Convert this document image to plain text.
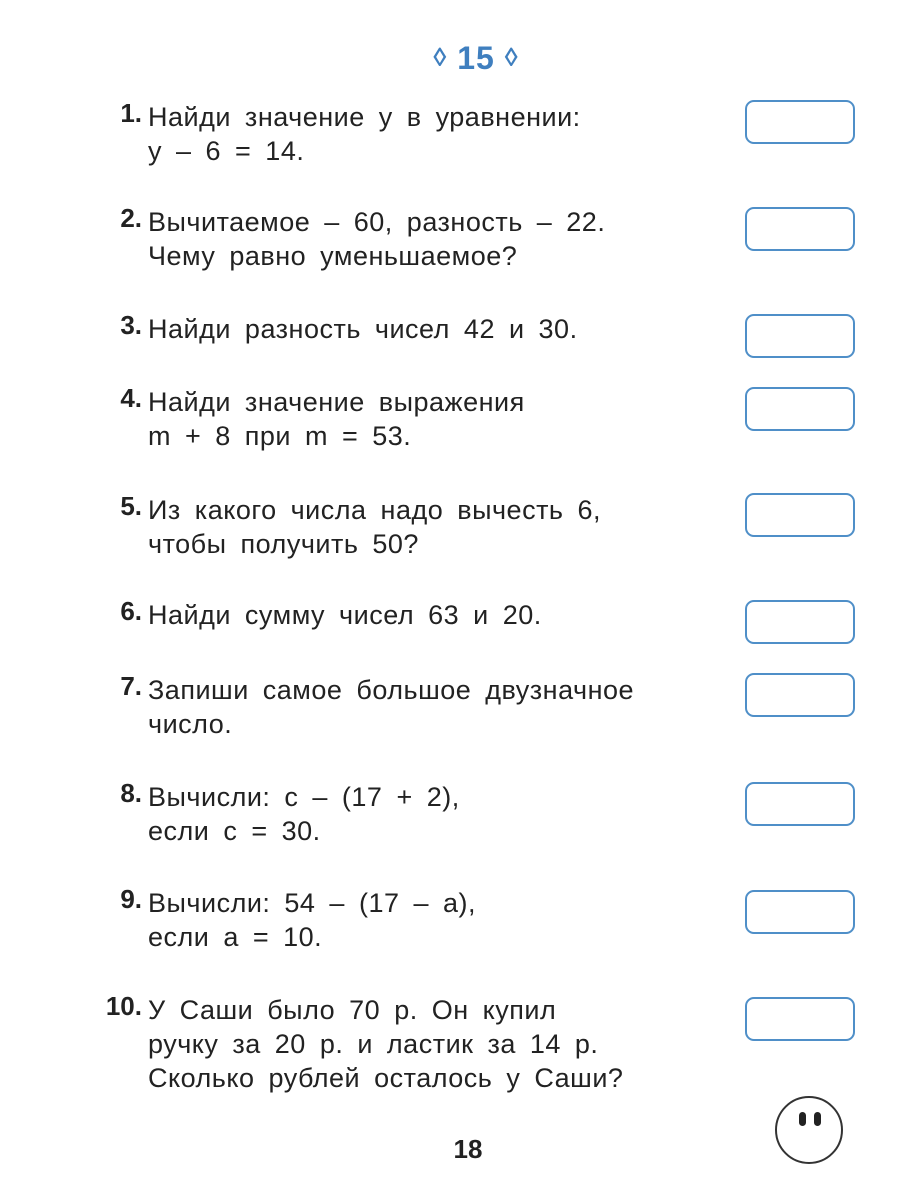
◊ 15 ◊
1. Найди значение y в уравнении:
y – 6 = 14.
2. Вычитаемое – 60, разность – 22.
Чему равно уменьшаемое?
3. Найди разность чисел 42 и 30.
4. Найди значение выражения
m + 8 при m = 53.
5. Из какого числа надо вычесть 6,
чтобы получить 50?
6. Найди сумму чисел 63 и 20.
7. Запиши самое большое двузначное
число.
8. Вычисли: c – (17 + 2),
если c = 30.
9. Вычисли: 54 – (17 – a),
если a = 10.
10. У Саши было 70 р. Он купил
ручку за 20 р. и ластик за 14 р.
Сколько рублей осталось у Саши?
18
